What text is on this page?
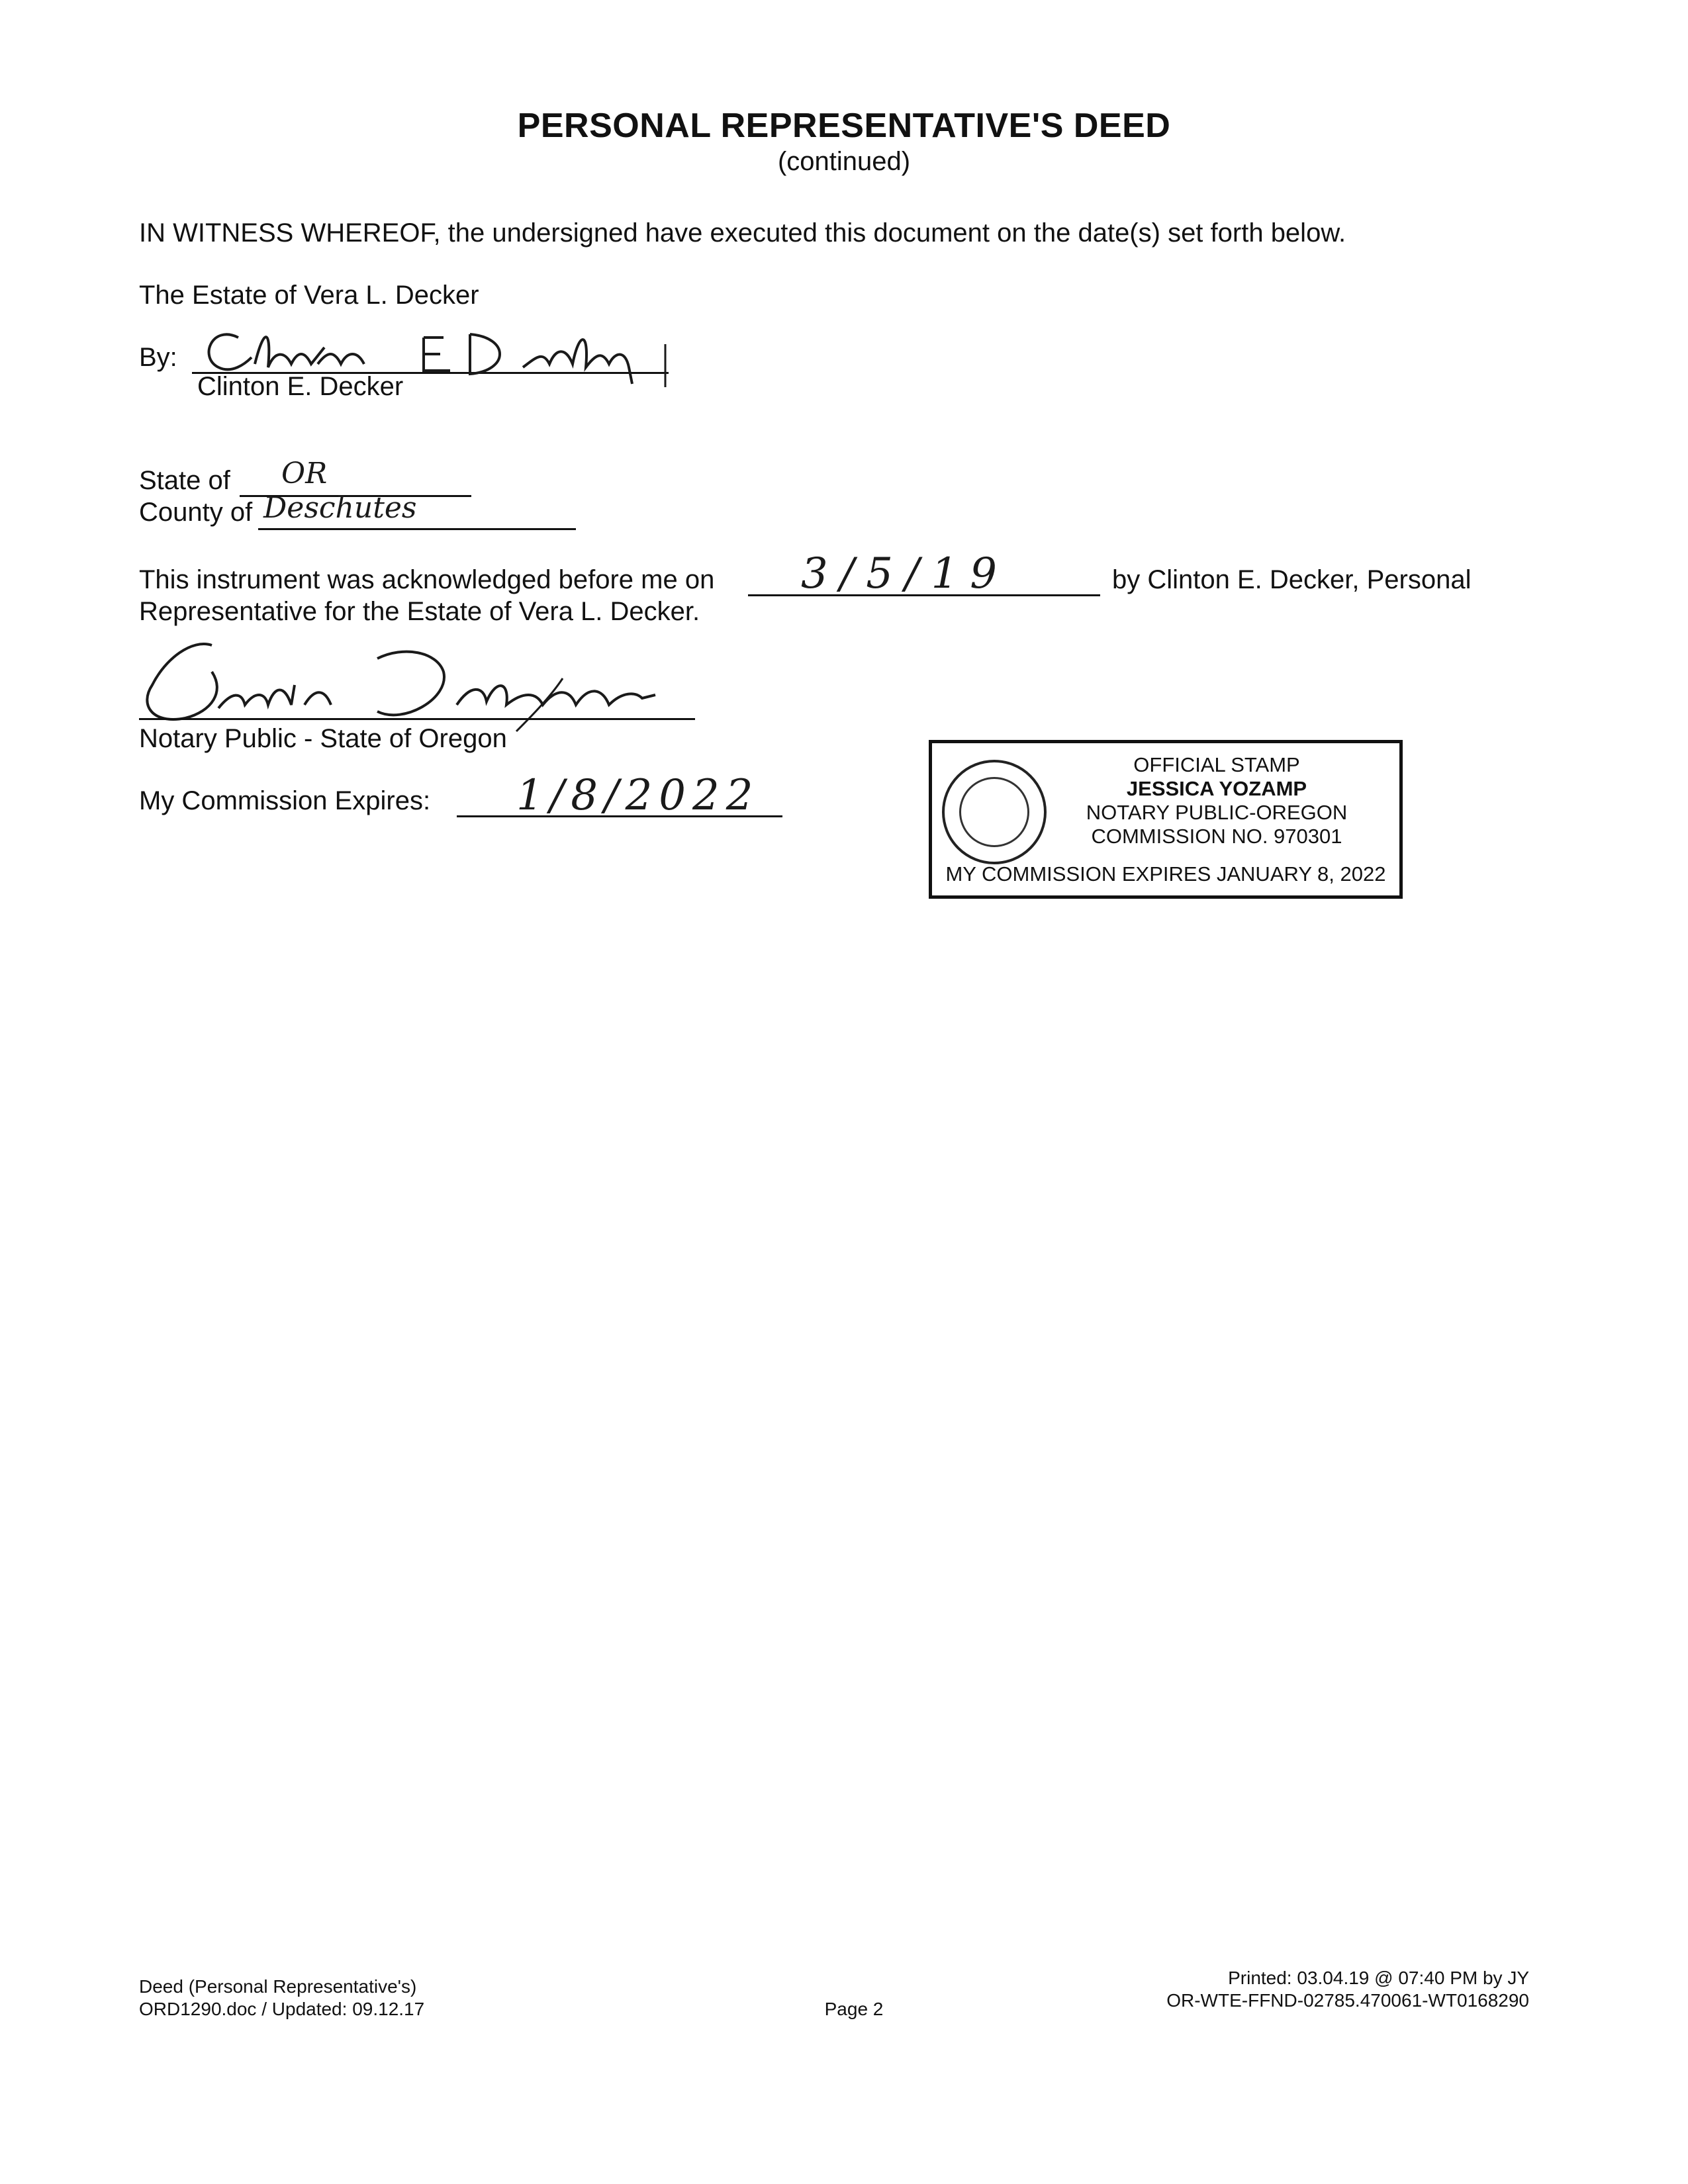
PERSONAL REPRESENTATIVE'S DEED
(continued)
IN WITNESS WHEREOF, the undersigned have executed this document on the date(s) set forth below.
The Estate of Vera L. Decker
By:
Clinton E. Decker
State of OR
County of Deschutes
This instrument was acknowledged before me on 3/5/19	by Clinton E. Decker, Personal
Representative for the Estate of Vera L. Decker.
Notary Public - State of Oregon
My Commission Expires: 1/8/2022
OFFICIAL STAMP
JESSICA YOZAMP
NOTARY PUBLIC-OREGON
COMMISSION NO. 970301
MY COMMISSION EXPIRES JANUARY 8, 2022
Deed (Personal Representative's)
ORD1290.doc / Updated: 09.12.17	Page 2
Printed: 03.04.19 @ 07:40 PM by JY
OR-WTE-FFND-02785.470061-WT0168290
